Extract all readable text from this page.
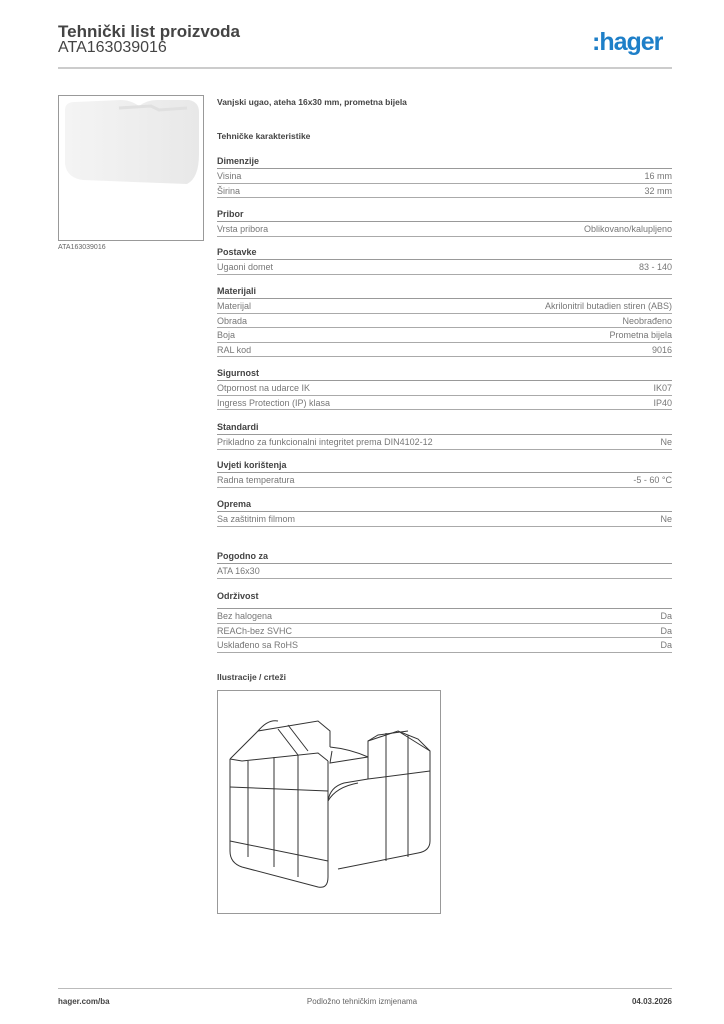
Tehnički list proizvoda
ATA163039016	:hager
ATA163039016
Vanjski ugao, ateha 16x30 mm, prometna bijela
Tehničke karakteristike
Dimenzije
Visina	16 mm
Širina	32 mm
Pribor
Vrsta pribora	Oblikovano/kalupljeno
Postavke
Ugaoni domet	83 - 140
Materijali
Materijal	Akrilonitril butadien stiren (ABS)
Obrada	Neobrađeno
Boja	Prometna bijela
RAL kod	9016
Sigurnost
Otpornost na udarce IK	IK07
Ingress Protection (IP) klasa	IP40
Standardi
Prikladno za funkcionalni integritet prema DIN4102-12	Ne
Uvjeti korištenja
Radna temperatura	-5 - 60 °C
Oprema
Sa zaštitnim filmom	Ne
Pogodno za
ATA 16x30
Održivost
Bez halogena	Da
REACh-bez SVHC	Da
Usklađeno sa RoHS	Da
Ilustracije / crteži
hager.com/ba	Podložno tehničkim izmjenama	04.03.2026
